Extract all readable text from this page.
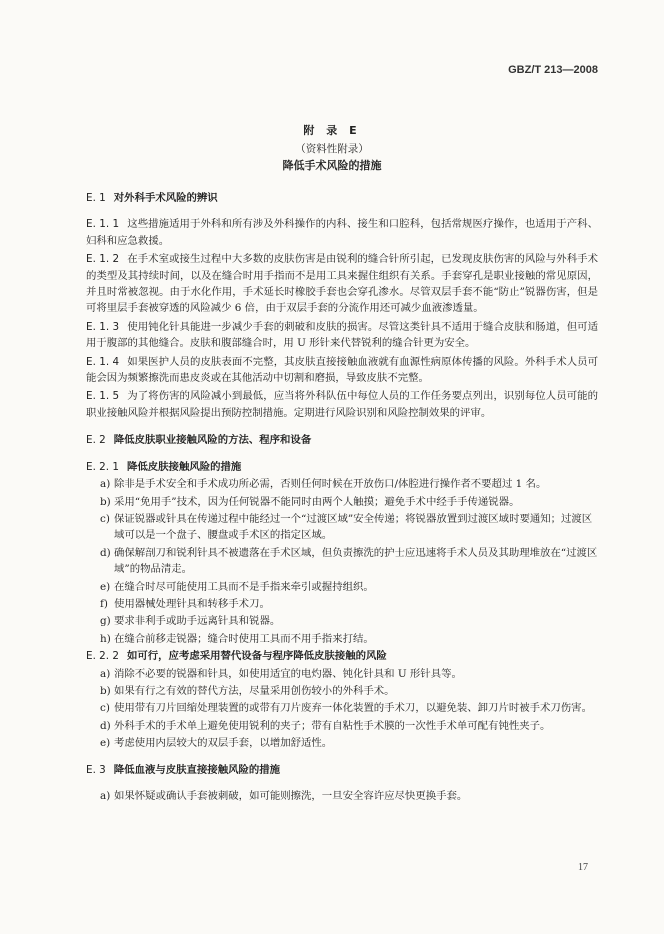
GBZ/T 213—2008
附 录 E
（资料性附录）
降低手术风险的措施
E. 1 对外科手术风险的辨识

E. 1. 1 这些措施适用于外科和所有涉及外科操作的内科、接生和口腔科，包括常规医疗操作，也适用于产科、妇科和应急救援。

E. 1. 2 在手术室或接生过程中大多数的皮肤伤害是由锐利的缝合针所引起，已发现皮肤伤害的风险与外科手术的类型及其持续时间，以及在缝合时用手指而不是用工具来握住组织有关系。手套穿孔是职业接触的常见原因，并且时常被忽视。由于水化作用，手术延长时橡胶手套也会穿孔渗水。尽管双层手套不能“防止”锐器伤害，但是可将里层手套被穿透的风险减少 6 倍，由于双层手套的分流作用还可减少血液渗透量。

E. 1. 3 使用钝化针具能进一步减少手套的刺破和皮肤的损害。尽管这类针具不适用于缝合皮肤和肠道，但可适用于腹部的其他缝合。皮肤和腹部缝合时，用 U 形针来代替锐利的缝合针更为安全。

E. 1. 4 如果医护人员的皮肤表面不完整，其皮肤直接接触血液就有血源性病原体传播的风险。外科手术人员可能会因为频繁擦洗而患皮炎或在其他活动中切割和磨损，导致皮肤不完整。

E. 1. 5 为了将伤害的风险减小到最低，应当将外科队伍中每位人员的工作任务要点列出，识别每位人员可能的职业接触风险并根据风险提出预防控制措施。定期进行风险识别和风险控制效果的评审。

E. 2 降低皮肤职业接触风险的方法、程序和设备
E. 2. 1 降低皮肤接触风险的措施
a) 除非是手术安全和手术成功所必需，否则任何时候在开放伤口/体腔进行操作者不要超过 1 名。
b) 采用“免用手”技术，因为任何锐器不能同时由两个人触摸；避免手术中经手手传递锐器。
c) 保证锐器或针具在传递过程中能经过一个“过渡区域”安全传递；将锐器放置到过渡区域时要通知；过渡区域可以是一个盘子、腰盘或手术区的指定区域。
d) 确保解剖刀和锐利针具不被遗落在手术区域，但负责擦洗的护士应迅速将手术人员及其助理堆放在“过渡区域”的物品清走。
e) 在缝合时尽可能使用工具而不是手指来牵引或握持组织。
f) 使用器械处理针具和转移手术刀。
g) 要求非利手或助手远离针具和锐器。
h) 在缝合前移走锐器；缝合时使用工具而不用手指来打结。
E. 2. 2 如可行，应考虑采用替代设备与程序降低皮肤接触的风险
a) 消除不必要的锐器和针具，如使用适宜的电灼器、钝化针具和 U 形针具等。
b) 如果有行之有效的替代方法，尽量采用创伤较小的外科手术。
c) 使用带有刀片回缩处理装置的或带有刀片废弃一体化装置的手术刀，以避免装、卸刀片时被手术刀伤害。
d) 外科手术的手术单上避免使用锐利的夹子；带有自粘性手术膜的一次性手术单可配有钝性夹子。
e) 考虑使用内层较大的双层手套，以增加舒适性。
E. 3 降低血液与皮肤直接接触风险的措施
a) 如果怀疑或确认手套被刺破，如可能则擦洗，一旦安全容许应尽快更换手套。
17
